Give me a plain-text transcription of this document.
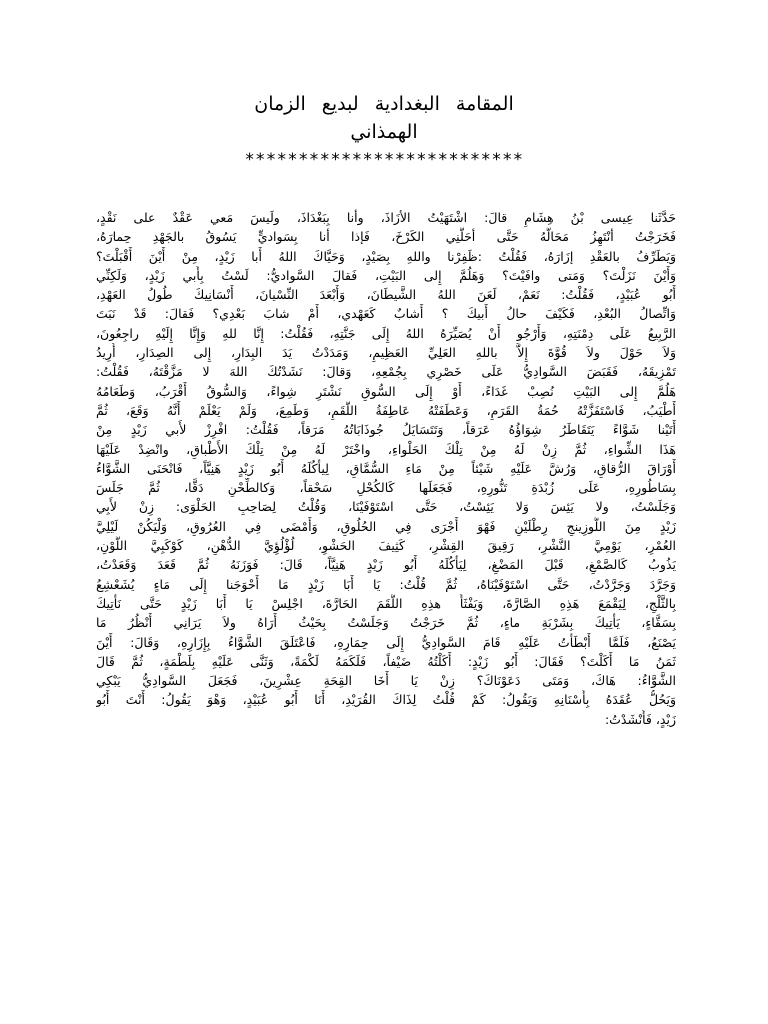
المقامة البغدادية لبديع الزمان
الهمذاني
**************************
حَدَّثَنا عِيسى بْنُ هِشَامٍ قالَ: اشْتَهَيْتُ الأزَاذَ، وأنا بِبَغْدَاذَ، ولَيسَ مَعي عَقْدٌ على نَقْدٍ،
فَخَرَجْتُ أنْتَهِزُ مَحَالَّهُ حَتَّى أحَلَّنِي الكَرْخَ، فَإذا أنا بِسَواديٍّ يَسُوقُ بالجَهْدِ حِمارَهُ،
وَيَطَرِّفُ بالعَقْدِ إزَارَهُ، فَقُلْتُ :ظَفِرْنا واللهِ بِصَيْدٍ، وَحَيَّاكَ اللهُ أَبا زَيْدٍ، مِنْ أَيْنَ أَقْبَلْتَ؟
وَأَيْنَ نَزَلْتَ؟ وَمَتى وافَيْتَ؟ وَهَلُمَّ إِلى البَيْتِ، فَقالَ السَّواديُّ: لَسْتُ بِأَبي زَيْدٍ، وَلَكِنِّي
أَبُو عُبَيْدٍ، فَقُلْتُ: نَعَمْ، لَعَنَ اللهُ الشَّيطَانَ، وَأَبْعَدَ النِّسْيانَ، أَنْسَانِيكَ طُولُ العَهْدِ،
وَاتِّصالُ البُعْدِ، فَكَيْفَ حالُ أَبيكَ ؟ أَشابٌ كَعَهْدي، أَمْ شابَ بَعْدِي؟ فَقالَ: قَدْ نَبَتَ
الرَّبِيعُ عَلَى دِمْنَتِهِ، وَأَرْجُو أَنْ يُصَيِّرَهُ اللهُ إِلَى جَنَّتِهِ، فَقُلْتُ: إِنَّا للهِ وَإِنَّا إِلَيْهِ راجِعُونَ،
وَلاَ حَوْلَ ولاَ قُوَّةَ إِلاَّ باللهِ العَلِيِّ العَظِيمِ، وَمَدَدْتُ يَدَ البِدَارِ، إِلى الصِدَارِ، أُرِيدُ
تَمْزِيقَهُ، فَقَبَضَ السَّوادِيُّ عَلَى خَصْرِي بِجُمْعِهِ، وَقالَ: نَشَدْتُكَ اللهَ لا مَزَّقْتَهُ، فَقُلْتُ:
هَلُمَّ إِلى البَيْتِ نُصِبْ غَدَاءً، أَوْ إِلَى السُّوقِ نَشْتَرِ شِواءً، وَالسُّوقُ أَقْرَبُ، وَطَعَامُهُ
أَطْيَبُ، فَاسْتَفَزَّتْهُ حُمَةُ القَرَمِ، وَعَطَفَتْهُ عَاطِفَةُ اللَّقَمِ، وَطَمِعَ، وَلَمْ يَعْلَمْ أَنَّهُ وَقَعَ، ثُمَّ
أَتَيْنا شَوَّاءً يَتَقَاطَرُ شِوَاؤُهُ عَرَقاً، وَتَتَسَايَلُ جُوذَابَاتُهُ مَرَقاً، فَقُلْتُ: افْرِزْ لأَبي زَيْدٍ مِنْ
هَذَا الشِّواءِ، ثُمَّ زِنْ لَهُ مِنْ تِلْكَ الحَلْواءِ، واخْتَرْ لَهُ مِنْ تِلْكَ الأَطْباقِ، وانْضِدْ عَلَيْهَا
أَوْرَاقَ الرُّقاقِ، وَرُشَّ عَلَيْهِ شَيْئاً مِنْ مَاءِ السُّمَّاقِ، لِيأْكُلَهُ أَبُو زَيْدٍ هَنِيَّاً، فَانْحَنَى الشَّوَّاءُ
بِسَاطُورِهِ، عَلَى زُبْدَةِ تَنُّورِهِ، فَجَعَلَها كَالكُحْلِ سَحْقاً، وَكالطِّحْنِ دَقَّا، ثُمَّ جَلَسَ
وَجَلَسْتُ، ولا يَئِسَ وَلا يَئِسْتُ، حَتَّى اسْتَوْفَيْنَا، وَقُلْتُ لِصَاحِبِ الحَلْوَى: زِنْ لأَبِي
زَيْدٍ مِنَ اللُّوزِينجِ رِطْلَيْنِ فَهْوَ أَجْرَى فِي الحُلُوقِ، وَأَمْضَى فِي العُرُوقِ، وَلْيَكُنْ لَيْلِيَّ
العُمْرِ، يَوْمِيَّ النَّشْرِ، رَقِيقَ القِشْرِ، كَثِيفَ الحَشْوِ، لُؤْلُؤِيَّ الدُّهْنِ، كَوْكَبِيَّ اللَّوْنِ،
يَذُوبُ كَالصَّمْغِ، قَبْلَ المَضْغِ، لِيَأْكُلَهُ أَبُو زَيْدٍ هَنِيَّاً، قَالَ: فَوَزَنَهُ ثُمَّ قَعَدَ وَقَعَدْتُ،
وَجَرَّدَ وَجَرَّدْتُ، حَتَّى اسْتَوْفَيْنَاهُ، ثُمَّ قُلْتُ: يَا أَبَا زَيْدٍ مَا أَحْوَجَنا إِلَى مَاءٍ يُشَعْشِعُ
بِالثَّلْجِ، لِيَقْمَعَ هَذِهِ الصَّارَّةَ، وَيَفْثَأَ هذِهِ اللُّقَمَ الحَارَّةَ، اجْلِسْ يَا أَبَا زَيْدٍ حَتَّى نَأْتِيكَ
بِسَقَّاءٍ، يَأْتِيكَ بِشَرْبَةِ ماءٍ، ثُمَّ خَرَجْتُ وَجَلَسْتُ بِحَيْثُ أَرَاهُ ولاَ يَرَانِي أَنْظُرُ مَا
يَصْنَعُ، فَلَمَّا أَبْطَأْتُ عَلَيْهِ قَامَ السَّوادِيُّ إِلَى حِمَارِهِ، فَاعْتَلَقَ الشَّوَّاءُ بِإِزَارِهِ، وَقَالَ: أَيْنَ
ثَمَنُ مَا أَكَلْتَ؟ فَقَالَ: أَبُو زَيْدٍ: أَكَلْتُهُ ضَيْفاً، فَلَكَمَهُ لَكْمَةً، وَثَنَّى عَلَيْهِ بِلَطْمَةٍ، ثُمَّ قَالَ
الشَّوَّاءُ: هَاكَ، وَمَتَى دَعَوْنَاكَ؟ زِنْ يَا أَخَا القِحَةِ عِشْرِينَ، فَجَعَلَ السَّوادِيُّ يَبْكِي
وَيَحُلُّ عُقَدَهُ بِأَسْنَانِهِ وَيَقُولُ: كَمْ قُلْتُ لِذَاكَ القُرَيْدِ، أَنَا أَبُو عُبَيْدٍ، وَهْوَ يَقُولُ: أَنْتَ أَبُو
زَيْدٍ، فَأَنْشَدْتُ:
